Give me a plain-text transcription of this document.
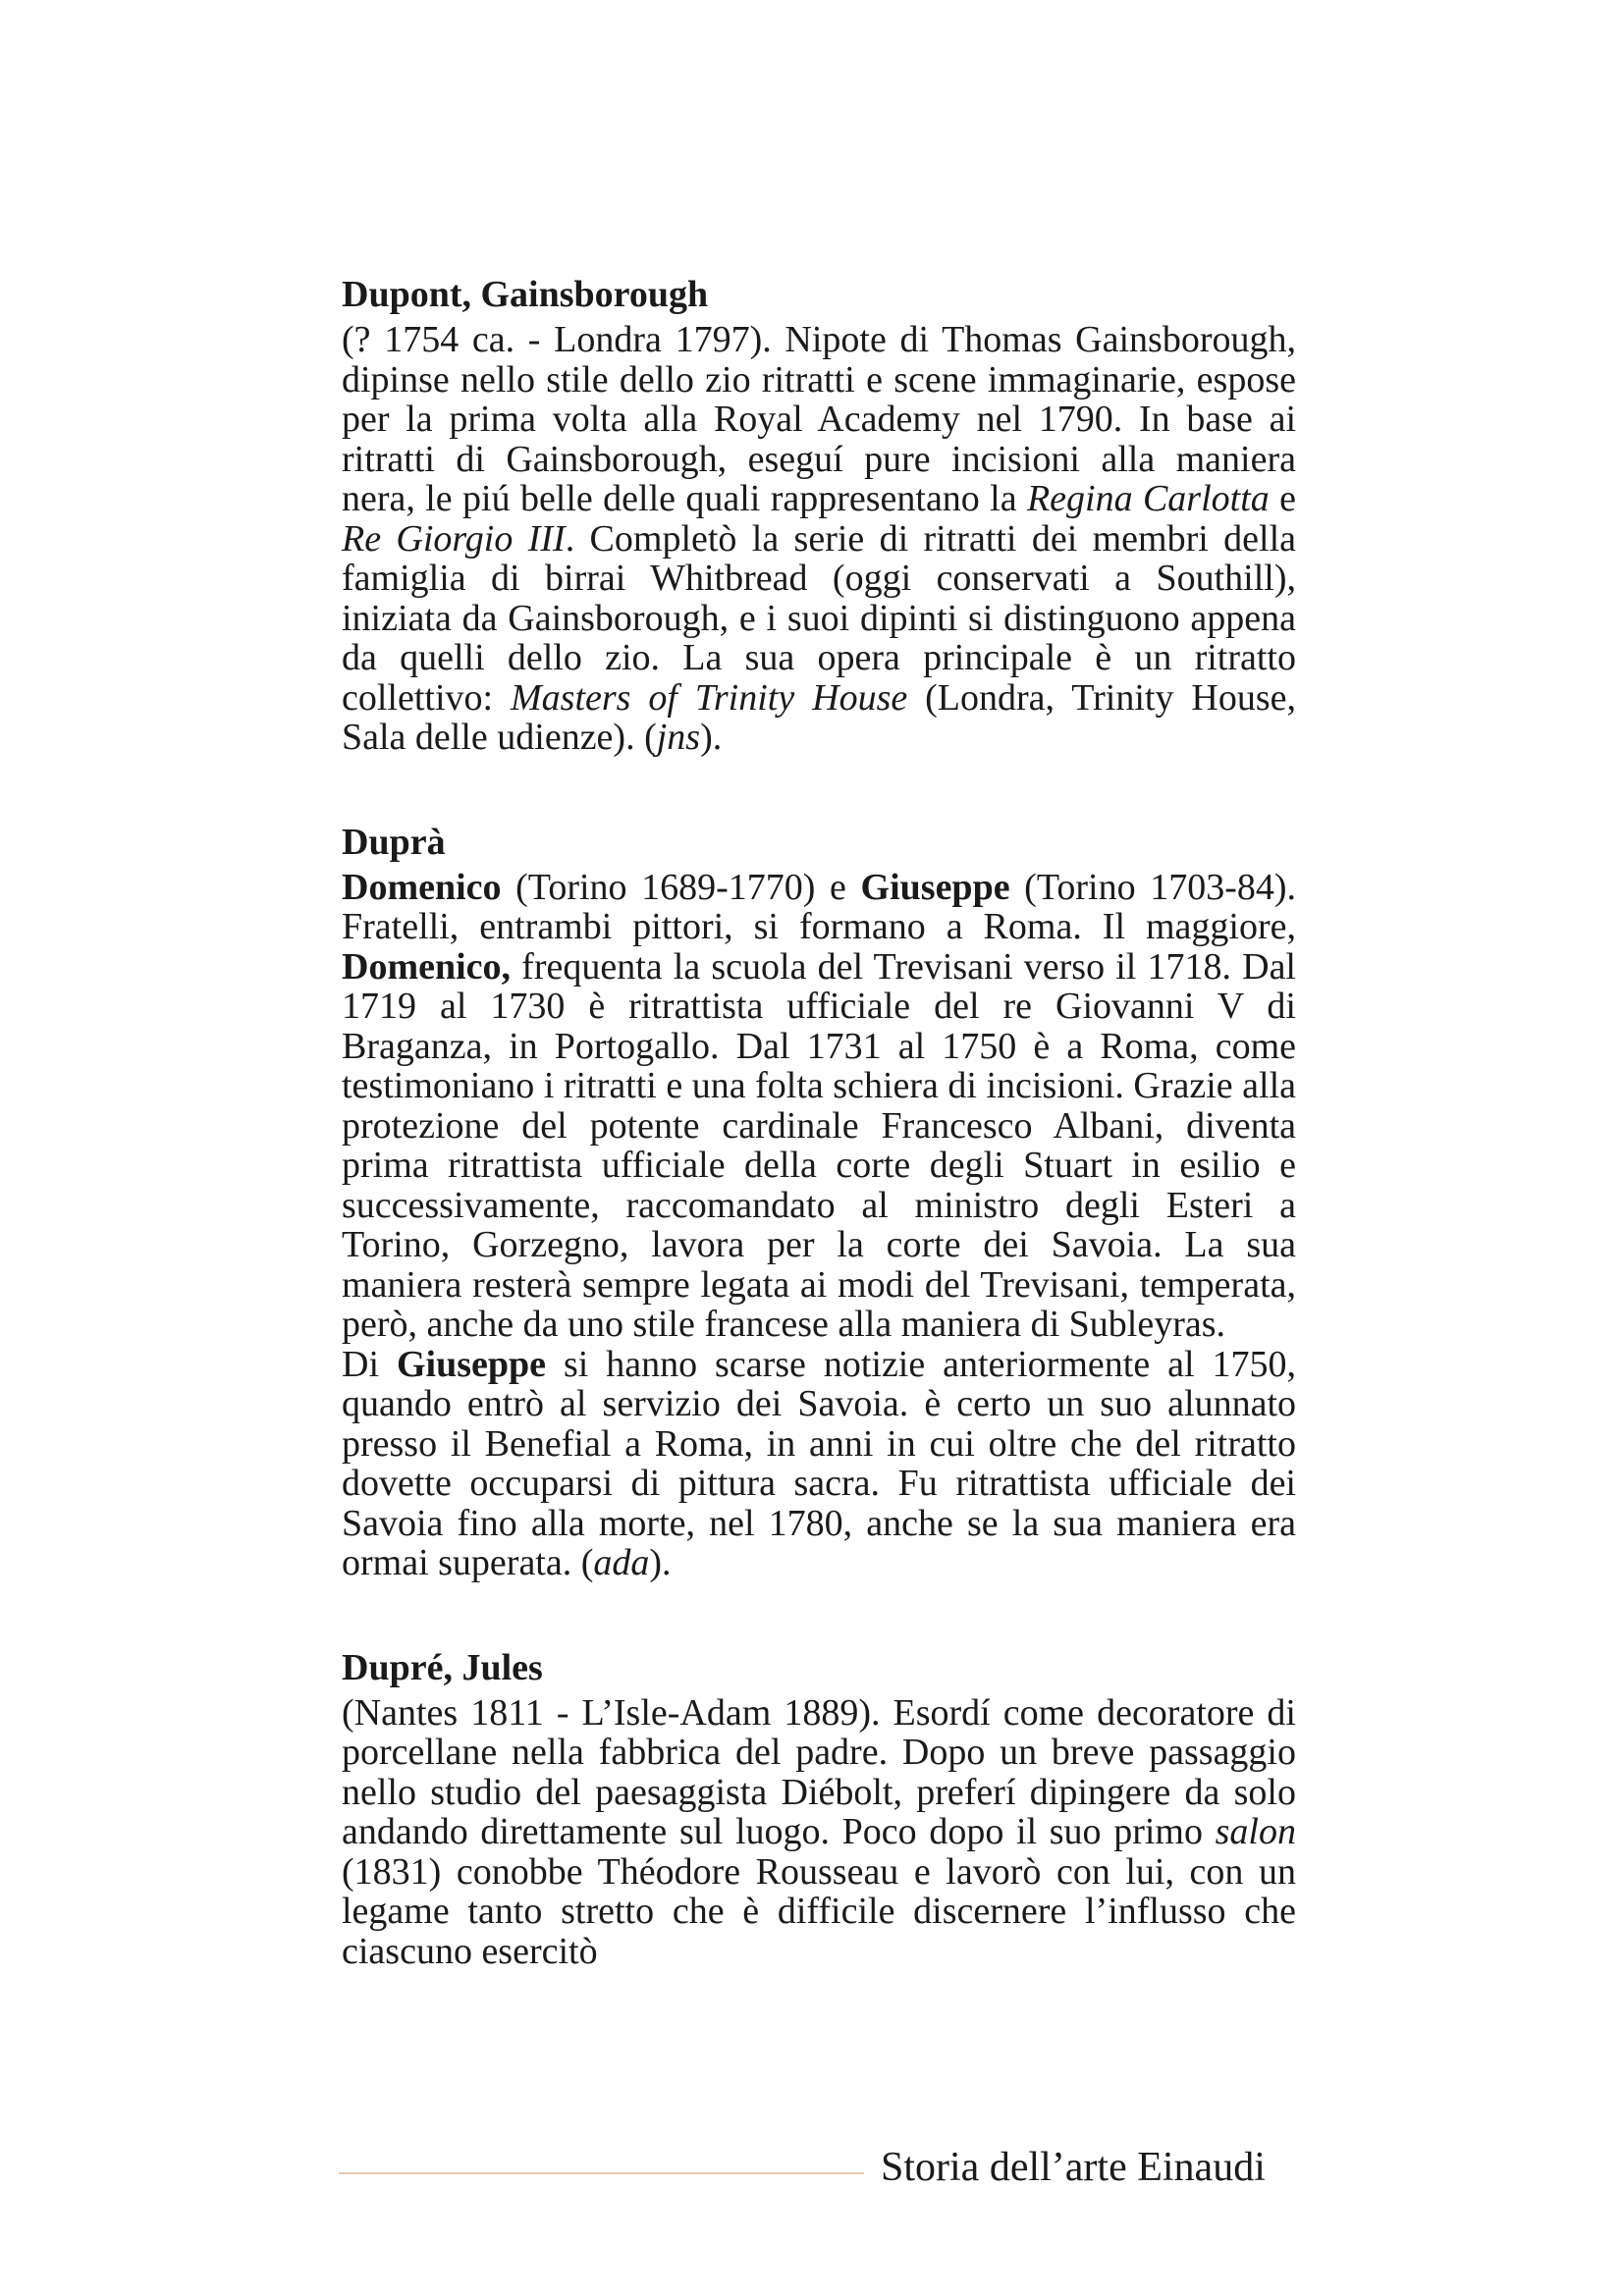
Dupont, Gainsborough

(? 1754 ca. - Londra 1797). Nipote di Thomas Gainsborough, dipinse nello stile dello zio ritratti e scene immaginarie, espose per la prima volta alla Royal Academy nel 1790. In base ai ritratti di Gainsborough, eseguí pure incisioni alla maniera nera, le piú belle delle quali rappresentano la Regina Carlotta e Re Giorgio III. Completò la serie di ritratti dei membri della famiglia di birrai Whitbread (oggi conservati a Southill), iniziata da Gainsborough, e i suoi dipinti si distinguono appena da quelli dello zio. La sua opera principale è un ritratto collettivo: Masters of Trinity House (Londra, Trinity House, Sala delle udienze). (jns).

Duprà

Domenico (Torino 1689-1770) e Giuseppe (Torino 1703-84). Fratelli, entrambi pittori, si formano a Roma. Il maggiore, Domenico, frequenta la scuola del Trevisani verso il 1718. Dal 1719 al 1730 è ritrattista ufficiale del re Giovanni V di Braganza, in Portogallo. Dal 1731 al 1750 è a Roma, come testimoniano i ritratti e una folta schiera di incisioni. Grazie alla protezione del potente cardinale Francesco Albani, diventa prima ritrattista ufficiale della corte degli Stuart in esilio e successivamente, raccomandato al ministro degli Esteri a Torino, Gorzegno, lavora per la corte dei Savoia. La sua maniera resterà sempre legata ai modi del Trevisani, temperata, però, anche da uno stile francese alla maniera di Subleyras.

Di Giuseppe si hanno scarse notizie anteriormente al 1750, quando entrò al servizio dei Savoia. è certo un suo alunnato presso il Benefial a Roma, in anni in cui oltre che del ritratto dovette occuparsi di pittura sacra. Fu ritrattista ufficiale dei Savoia fino alla morte, nel 1780, anche se la sua maniera era ormai superata. (ada).

Dupré, Jules

(Nantes 1811 - L’Isle-Adam 1889). Esordí come decoratore di porcellane nella fabbrica del padre. Dopo un breve passaggio nello studio del paesaggista Diébolt, preferí dipingere da solo andando direttamente sul luogo. Poco dopo il suo primo salon (1831) conobbe Théodore Rousseau e lavorò con lui, con un legame tanto stretto che è difficile discernere l’influsso che ciascuno esercitò

Storia dell’arte Einaudi
